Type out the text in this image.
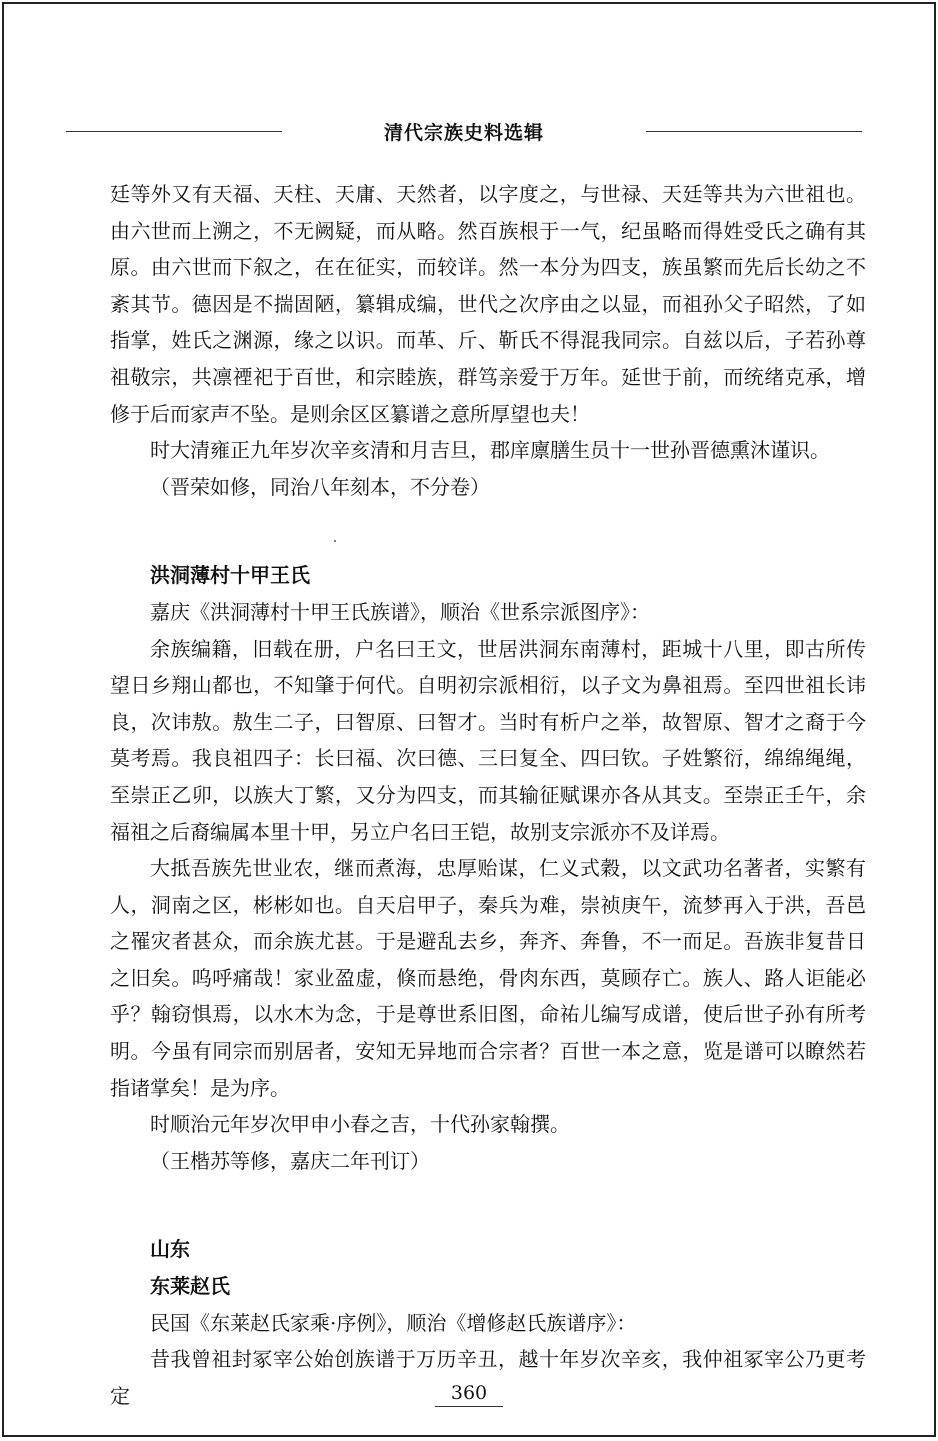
清代宗族史料选辑

廷等外又有天福、天柱、天庸、天然者，以字度之，与世禄、天廷等共为六世祖也。由六世而上溯之，不无阙疑，而从略。然百族根于一气，纪虽略而得姓受氏之确有其原。由六世而下叙之，在在征实，而较详。然一本分为四支，族虽繁而先后长幼之不紊其节。德因是不揣固陋，纂辑成编，世代之次序由之以显，而祖孙父子昭然，了如指掌，姓氏之渊源，缘之以识。而革、斤、靳氏不得混我同宗。自兹以后，子若孙尊祖敬宗，共凛禋祀于百世，和宗睦族，群笃亲爱于万年。延世于前，而统绪克承，增修于后而家声不坠。是则余区区纂谱之意所厚望也夫！

时大清雍正九年岁次辛亥清和月吉旦，郡庠廪膳生员十一世孙晋德熏沐谨识。

（晋荣如修，同治八年刻本，不分卷）

洪洞薄村十甲王氏

嘉庆《洪洞薄村十甲王氏族谱》，顺治《世系宗派图序》：

余族编籍，旧载在册，户名曰王文，世居洪洞东南薄村，距城十八里，即古所传望日乡翔山都也，不知肇于何代。自明初宗派相衍，以子文为鼻祖焉。至四世祖长讳良，次讳敖。敖生二子，曰智原、曰智才。当时有析户之举，故智原、智才之裔于今莫考焉。我良祖四子：长曰福、次曰德、三曰复全、四曰钦。子姓繁衍，绵绵绳绳，至崇正乙卯，以族大丁繁，又分为四支，而其输征赋课亦各从其支。至崇正壬午，余福祖之后裔编属本里十甲，另立户名曰王铠，故别支宗派亦不及详焉。

大抵吾族先世业农，继而煮海，忠厚贻谋，仁义式穀，以文武功名著者，实繁有人，洞南之区，彬彬如也。自天启甲子，秦兵为难，崇祯庚午，流梦再入于洪，吾邑之罹灾者甚众，而余族尤甚。于是避乱去乡，奔齐、奔鲁，不一而足。吾族非复昔日之旧矣。呜呼痛哉！家业盈虚，倏而悬绝，骨肉东西，莫顾存亡。族人、路人讵能必乎？翰窃惧焉，以水木为念，于是尊世系旧图，命祐儿编写成谱，使后世子孙有所考明。今虽有同宗而别居者，安知无异地而合宗者？百世一本之意，览是谱可以瞭然若指诸掌矣！是为序。

时顺治元年岁次甲申小春之吉，十代孙家翰撰。

（王楷苏等修，嘉庆二年刊订）

山东

东莱赵氏

民国《东莱赵氏家乘·序例》，顺治《增修赵氏族谱序》：

昔我曾祖封冢宰公始创族谱于万历辛丑，越十年岁次辛亥，我仲祖冢宰公乃更考定	360
